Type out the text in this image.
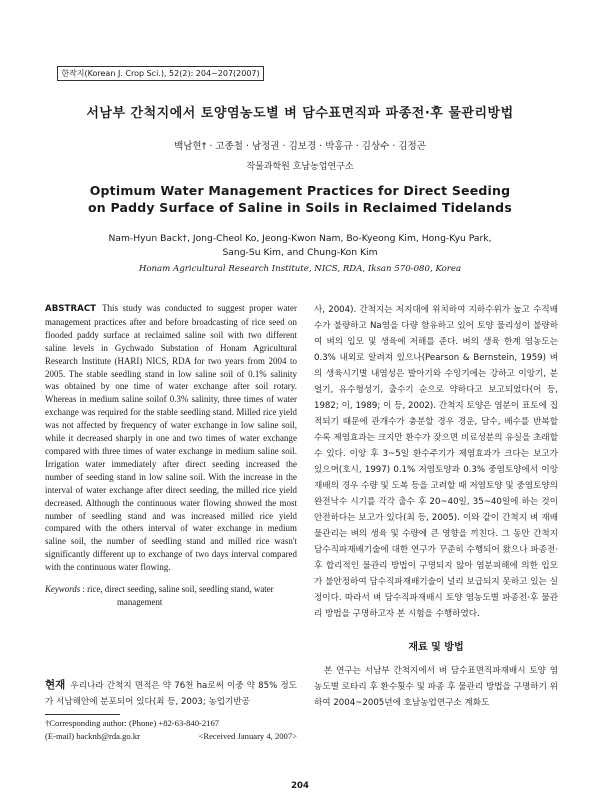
한작지(Korean J. Crop Sci.), 52(2): 204~207(2007)
서남부 간척지에서 토양염농도별 벼 담수표면직파 파종전·후 물관리방법
백남현† · 고종철 · 남정권 · 김보경 · 박홍규 · 김상수 · 김정곤
작물과학원 호남농업연구소
Optimum Water Management Practices for Direct Seeding
on Paddy Surface of Saline in Soils in Reclaimed Tidelands
Nam-Hyun Back†, Jong-Cheol Ko, Jeong-Kwon Nam, Bo-Kyeong Kim, Hong-Kyu Park,
Sang-Su Kim, and Chung-Kon Kim
Honam Agricultural Research Institute, NICS, RDA, Iksan 570-080, Korea

ABSTRACT This study was conducted to suggest proper water management practices after and before broadcasting of rice seed on flooded paddy surface at reclaimed saline soil with two different saline levels in Gychwado Substation of Honam Agricultural Research Institute (HARI) NICS, RDA for two years from 2004 to 2005. The stable seedling stand in low saline soil of 0.1% salinity was obtained by one time of water exchange after soil rotary. Whereas in medium saline soilof 0.3% salinity, three times of water exchange was required for the stable seedling stand. Milled rice yield was not affected by frequency of water exchange in low saline soil, while it decreased sharply in one and two times of water exchange compared with three times of water exchange in medium saline soil. Irrigation water immediately after direct seeding increased the number of seeding stand in low saline soil. With the increase in the interval of water exchange after direct seeding, the milled rice yield decreased. Although the continuous water flowing showed the most number of seedling stand and was increased milled rice yield compared with the others interval of water exchange in medium saline soil, the number of seedling stand and milled rice wasn't significantly different up to exchange of two days interval compared with the continuous water flowing.

Keywords : rice, direct seeding, saline soil, seedling stand, water management

현재 우리나라 간척지 면적은 약 76천 ha로써 이중 약 85% 정도가 서남해안에 분포되어 있다(최 등, 2003; 농업기반공

†Corresponding author: (Phone) +82-63-840-2167
(E-mail) backnh@rda.go.kr	<Received January 4, 2007>

사, 2004). 간척지는 저지대에 위치하여 지하수위가 높고 수직배수가 불량하고 Na염을 다량 함유하고 있어 토양 물리성이 불량하여 벼의 입모 및 생육에 저해를 준다. 벼의 생육 한계 염농도는 0.3% 내외로 알려져 있으나(Pearson & Bernstein, 1959) 벼의 생육시기별 내염성은 발아기와 수잉기에는 강하고 이앙기, 분얼기, 유수형성기, 출수기 순으로 약하다고 보고되었다(어 등, 1982; 이, 1989; 이 등, 2002). 간척지 토양은 염분이 표토에 집적되기 때문에 관개수가 충분할 경우 경운, 담수, 배수를 반복할 수록 제염효과는 크지만 환수가 잦으면 비료성분의 유실을 초래할 수 있다. 이앙 후 3~5일 환수주기가 제염효과가 크다는 보고가 있으며(호시, 1997) 0.1% 저염토양과 0.3% 중염토양에서 이앙재배의 경우 수량 및 도복 등을 고려할 때 저염토양 및 중염토양의 완전낙수 시기를 각각 출수 후 20~40일, 35~40일에 하는 것이 안전하다는 보고가 있다(최 등, 2005). 이와 같이 간척지 벼 재배 물관리는 벼의 생육 및 수량에 큰 영향을 끼친다. 그 동안 간척지 담수직파재배기술에 대한 연구가 꾸준히 수행되어 왔으나 파종전·후 합리적인 물관리 방법이 구명되지 않아 염분피해에 의한 입모가 불안정하여 담수직파재배기술이 널리 보급되지 못하고 있는 실정이다. 따라서 벼 담수직파재배시 토양 염농도별 파종전·후 물관리 방법을 구명하고자 본 시험을 수행하였다.

재료 및 방법

본 연구는 서남부 간척지에서 벼 담수표면직파재배시 토양 염농도별 로타리 후 환수횟수 및 파종 후 물관리 방법을 구명하기 위하여 2004~2005년에 호남농업연구소 계화도

204
